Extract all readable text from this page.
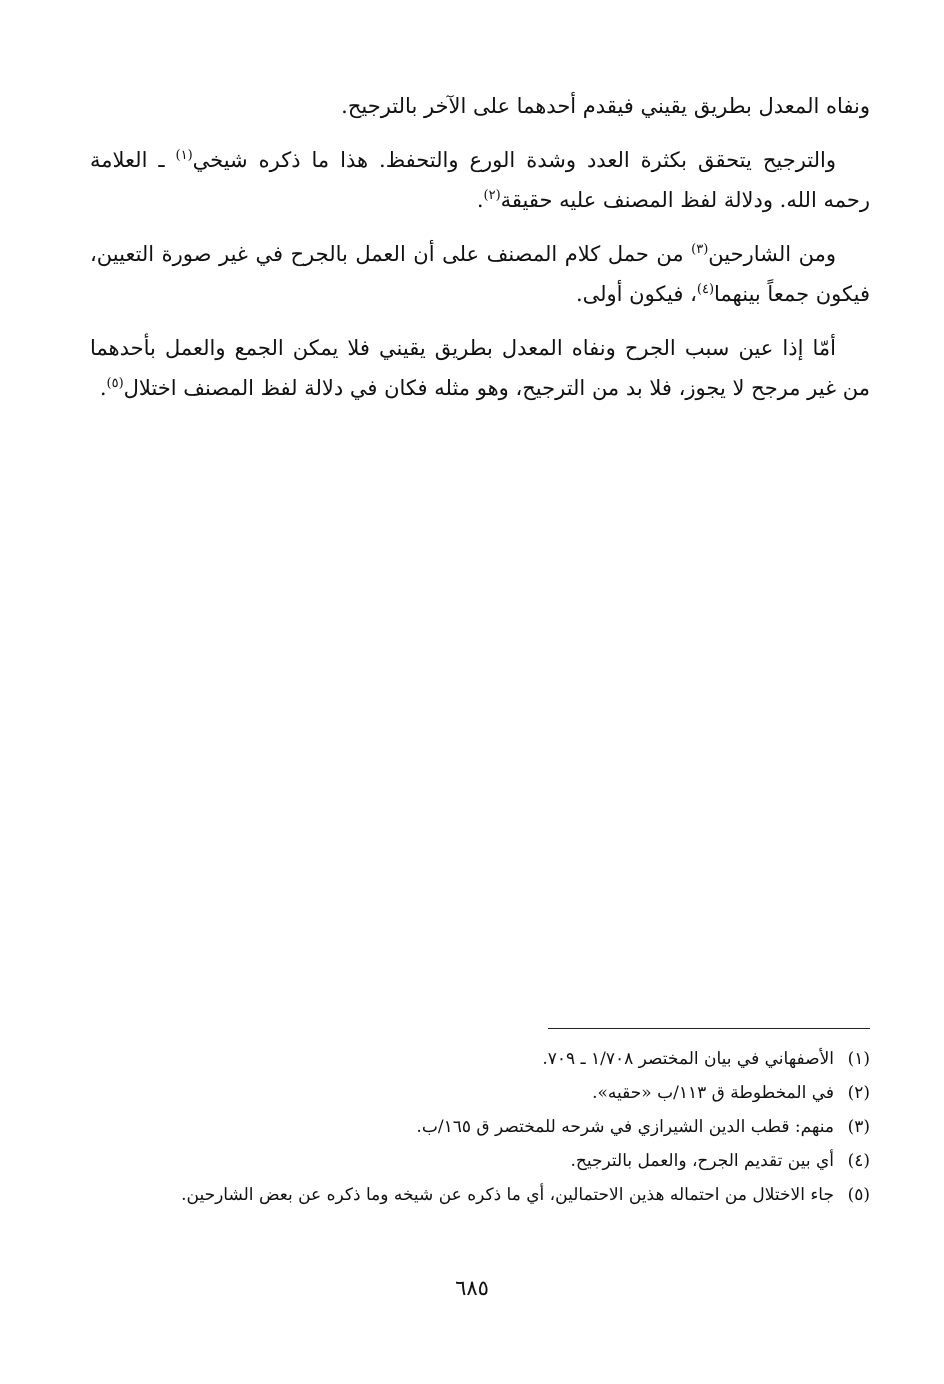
ونفاه المعدل بطريق يقيني فيقدم أحدهما على الآخر بالترجيح.

والترجيح يتحقق بكثرة العدد وشدة الورع والتحفظ. هذا ما ذكره شيخي$^{(١)}$ ـ العلامة رحمه الله. ودلالة لفظ المصنف عليه حقيقة$^{(٢)}$.

ومن الشارحين$^{(٣)}$ من حمل كلام المصنف على أن العمل بالجرح في غير صورة التعيين، فيكون جمعاً بينهما$^{(٤)}$، فيكون أولى.

أمّا إذا عين سبب الجرح ونفاه المعدل بطريق يقيني فلا يمكن الجمع والعمل بأحدهما من غير مرجح لا يجوز، فلا بد من الترجيح، وهو مثله فكان في دلالة لفظ المصنف اختلال$^{(٥)}$.

(١)
الأصفهاني في بيان المختصر ١/٧٠٨ ـ ٧٠٩.
(٢)
في المخطوطة ق ١١٣/ب «حقيه».
(٣)
منهم: قطب الدين الشيرازي في شرحه للمختصر ق ١٦٥/ب.
(٤)
أي بين تقديم الجرح، والعمل بالترجيح.
(٥)
جاء الاختلال من احتماله هذين الاحتمالين، أي ما ذكره عن شيخه وما ذكره عن بعض الشارحين.
٦٨٥
